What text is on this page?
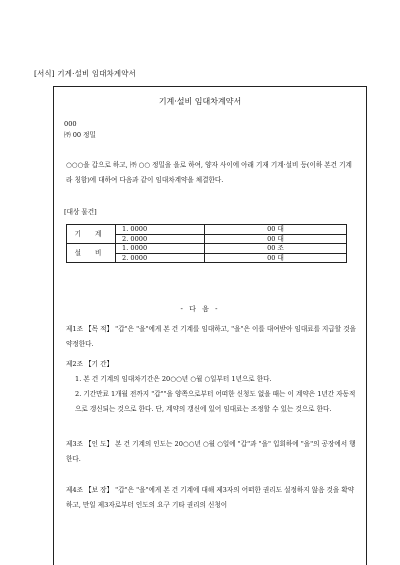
[서식] 기계·설비 임대차계약서
기계·설비 임대차계약서
000
㈜ 00 정밀
○○○을 갑으로 하고, ㈜ ○○ 정밀을 을로 하여, 양자 사이에 아래 기재 기계·설비 등(이하 본건 기계라 칭함)에 대하여 다음과 같이 임대차계약을 체결한다.
[대상 물건]
기 계	1. 0000	00 대
	2. 0000	00 대
설 비	1. 0000	00 조
	2. 0000	00 대
- 다 음 -
제1조 【목 적】 "갑"은 "을"에게 본 건 기계를 임대하고, "을"은 이를 대여받아 임대료를 지급할 것을 약정한다.
제2조 【기 간】
1. 본 건 기계의 임대차기간은 20○○년 ○월 ○일부터 1년으로 한다.
2. 기간만료 1개월 전까지 "갑""을 양쪽으로부터 어떠한 신청도 없을 때는 이 계약은 1년간 자동적으로 갱신되는 것으로 한다. 단, 계약의 갱신에 있어 임대료는 조정할 수 있는 것으로 한다.
제3조 【인 도】 본 건 기계의 인도는 20○○년 ○월 ○일에 "갑"과 "을" 입회하에 "을"의 공장에서 행한다.
제4조 【보 장】 "갑"은 "을"에게 본 건 기계에 대해 제3자의 어떠한 권리도 설정하지 않음 것을 확약하고, 만일 제3자로부터 인도의 요구 기타 권리의 신청이
